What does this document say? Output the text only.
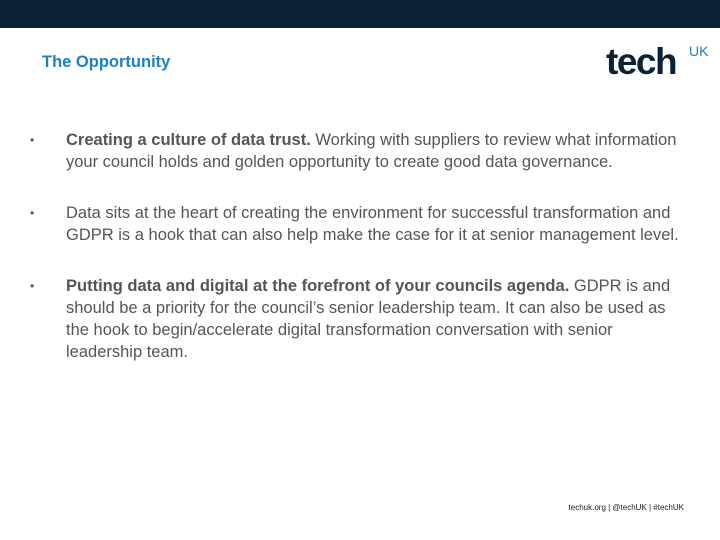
The Opportunity	tech UK
•	Creating a culture of data trust. Working with suppliers to review what information your council holds and golden opportunity to create good data governance.
•	Data sits at the heart of creating the environment for successful transformation and GDPR is a hook that can also help make the case for it at senior management level.
•	Putting data and digital at the forefront of your councils agenda. GDPR is and should be a priority for the council’s senior leadership team. It can also be used as the hook to begin/accelerate digital transformation conversation with senior leadership team.
techuk.org | @techUK | #techUK
